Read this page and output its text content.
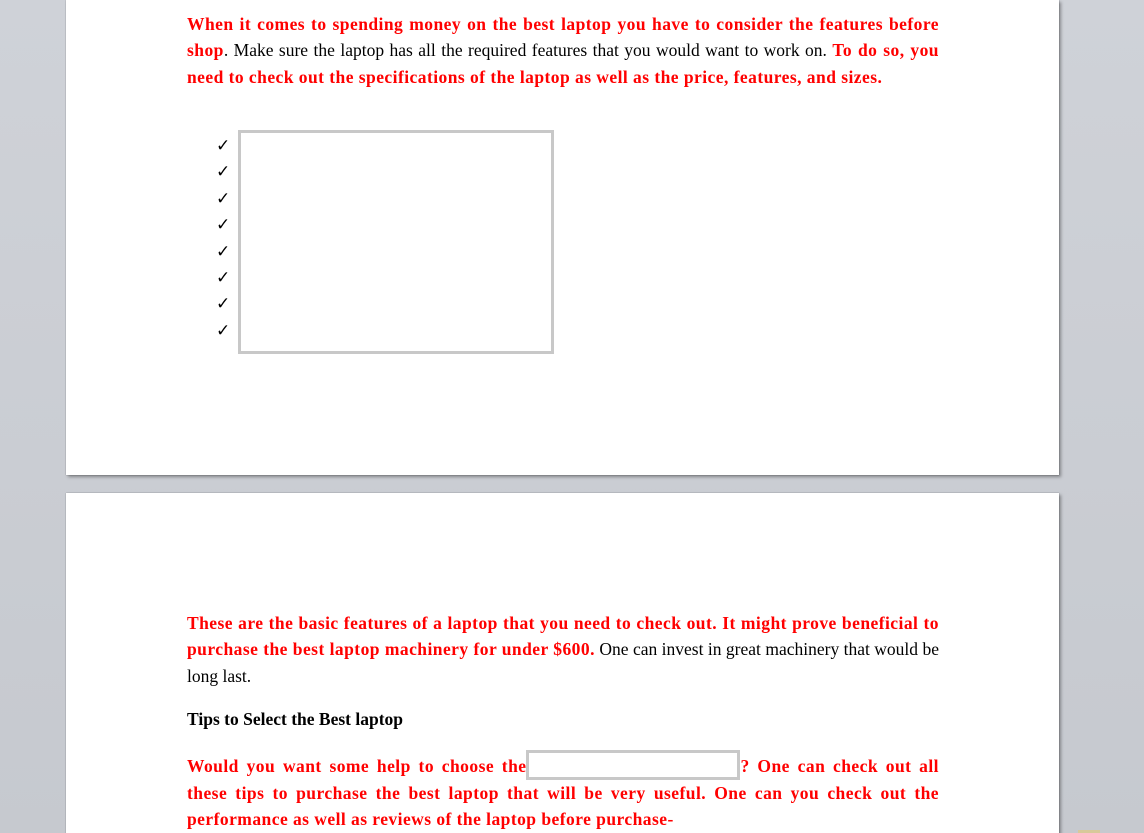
When it comes to spending money on the best laptop you have to consider the features before shop. Make sure the laptop has all the required features that you would want to work on. To do so, you need to check out the specifications of the laptop as well as the price, features, and sizes.
✓
✓
✓
✓
✓
✓
✓
✓
These are the basic features of a laptop that you need to check out. It might prove beneficial to purchase the best laptop machinery for under $600. One can invest in great machinery that would be long last.
Tips to Select the Best laptop
Would you want some help to choose the	? One can check out all these tips to purchase the best laptop that will be very useful. One can you check out the performance as well as reviews of the laptop before purchase-
